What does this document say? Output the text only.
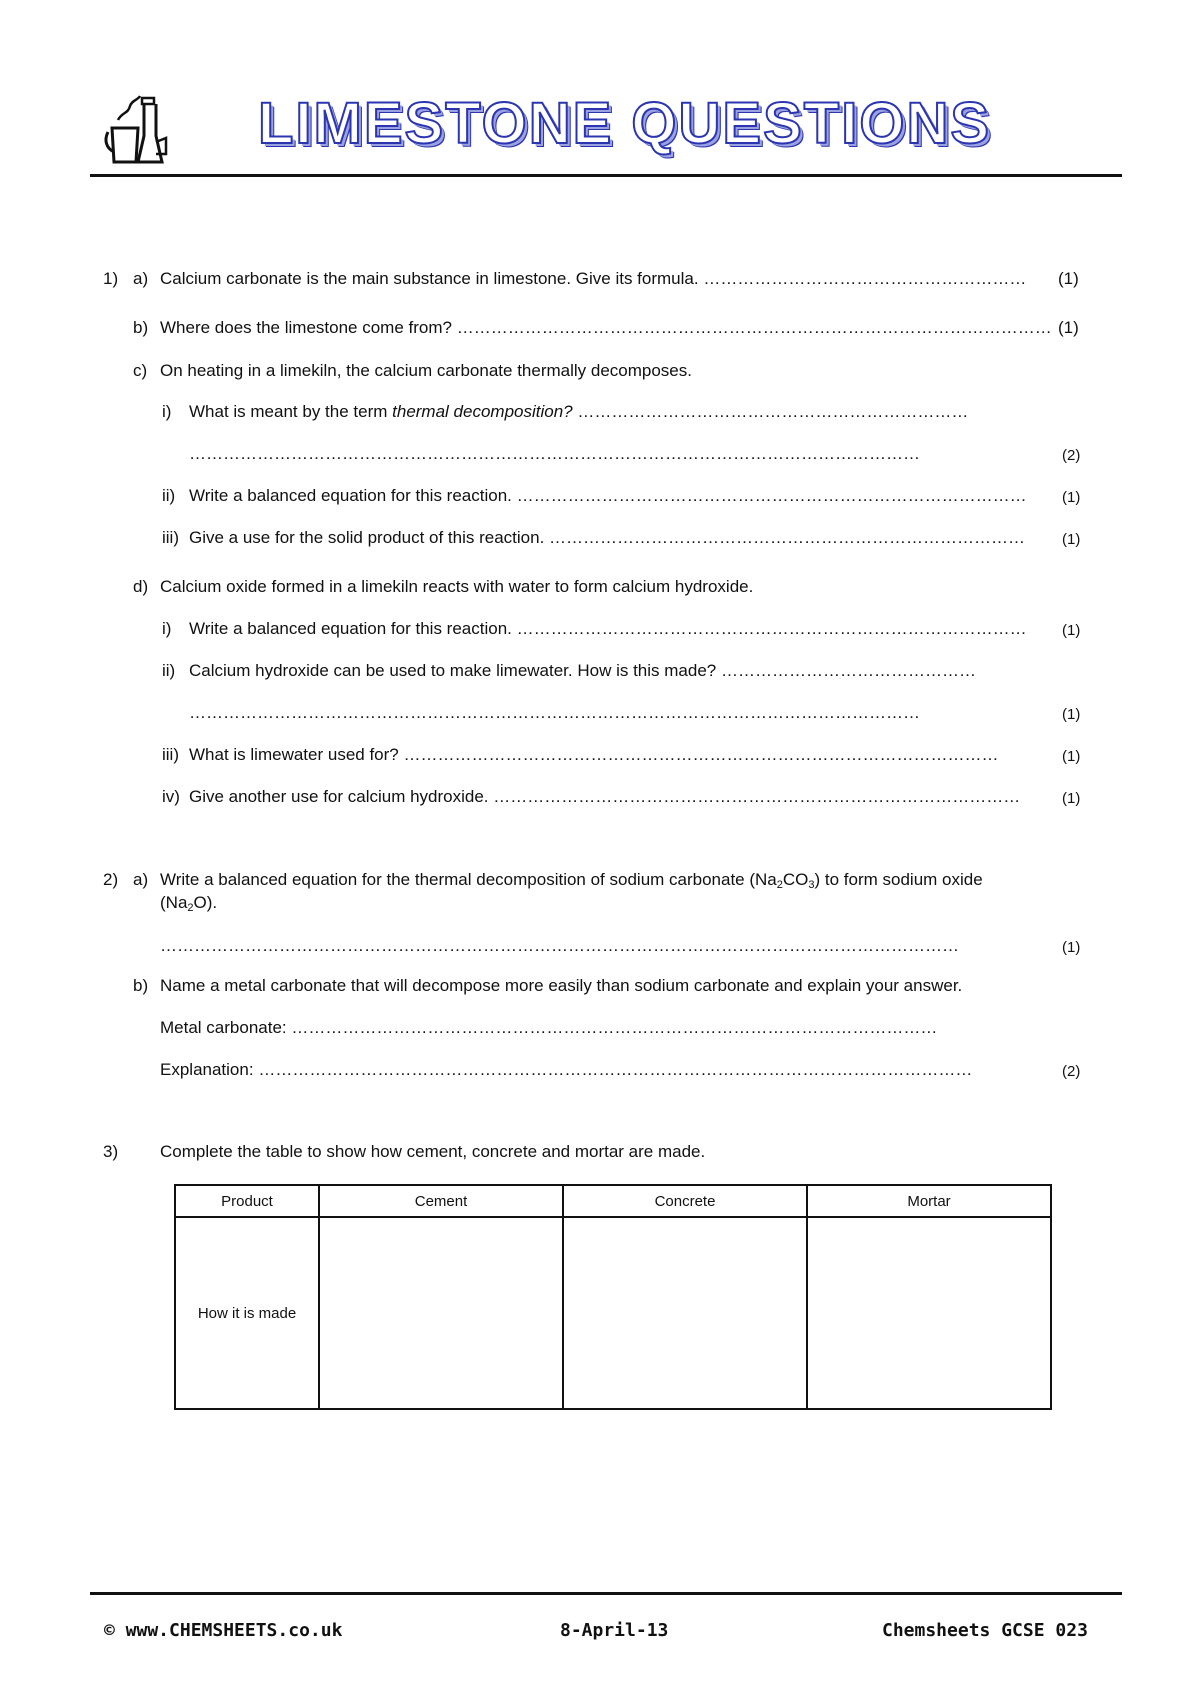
LIMESTONE QUESTIONS
1) a) Calcium carbonate is the main substance in limestone. Give its formula. ………………………………………………… (1)
b) Where does the limestone come from? …………………………………………………………………………………………… (1)
c) On heating in a limekiln, the calcium carbonate thermally decomposes.
i) What is meant by the term thermal decomposition? ……………………………………………………………
…………………………………………………………………………………………………………………	(2)
ii) Write a balanced equation for this reaction. ……………………………………………………………………………… (1)
iii) Give a use for the solid product of this reaction. ………………………………………………………………………… (1)
d) Calcium oxide formed in a limekiln reacts with water to form calcium hydroxide.
i) Write a balanced equation for this reaction. ……………………………………………………………………………… (1)
ii) Calcium hydroxide can be used to make limewater. How is this made? ………………………………………
…………………………………………………………………………………………………………………	(1)
iii) What is limewater used for? ……………………………………………………………………………………………	(1)
iv) Give another use for calcium hydroxide. …………………………………………………………………………………	(1)
2) a) Write a balanced equation for the thermal decomposition of sodium carbonate $(Na_2CO_3)$ to form sodium oxide
$(Na_2O)$.
……………………………………………………………………………………………………………………………	(1)
b) Name a metal carbonate that will decompose more easily than sodium carbonate and explain your answer.
Metal carbonate: ……………………………………………………………………………………………………
Explanation: ………………………………………………………………………………………………………………	(2)
3) Complete the table to show how cement, concrete and mortar are made.
Product	Cement	Concrete	Mortar
How it is made			
© www.CHEMSHEETS.co.uk	8-April-13	Chemsheets GCSE 023
